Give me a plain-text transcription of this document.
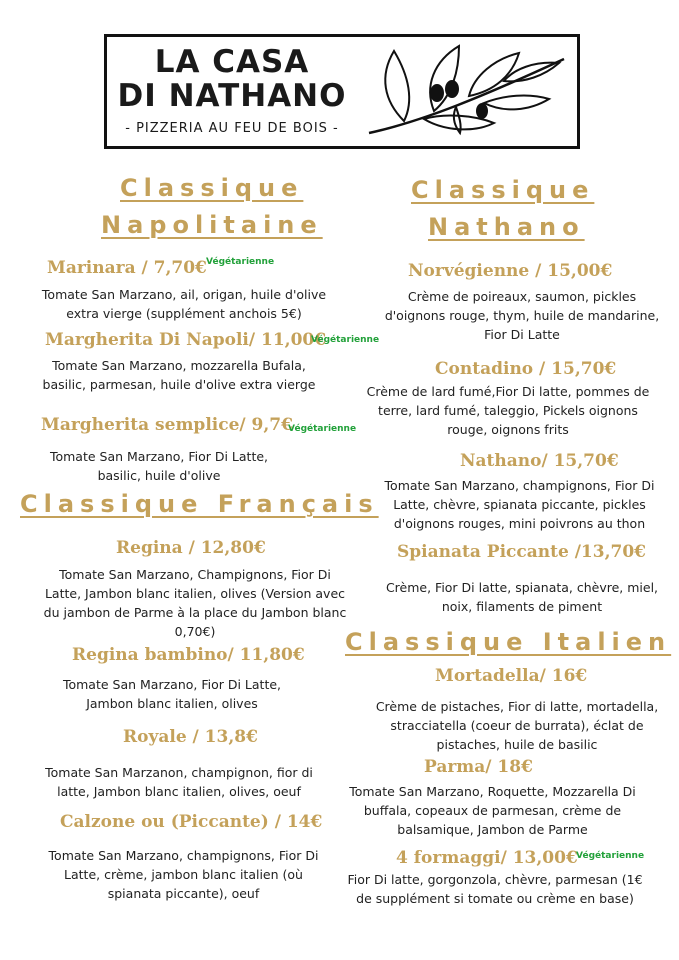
LA CASA
DI NATHANO
- PIZZERIA AU FEU DE BOIS -
Classique
Napolitaine
Marinara / 7,70€ Végétarienne
Tomate San Marzano, ail, origan, huile d'olive extra vierge (supplément anchois 5€)
Margherita Di Napoli/ 11,00€
Végétarienne
Tomate San Marzano, mozzarella Bufala, basilic, parmesan, huile d'olive extra vierge
Margherita semplice/ 9,7€
Végétarienne
Tomate San Marzano, Fior Di Latte, basilic, huile d'olive
Classique Français
Regina / 12,80€
Tomate San Marzano, Champignons, Fior Di Latte, Jambon blanc italien, olives (Version avec du jambon de Parme à la place du Jambon blanc 0,70€)
Regina bambino/ 11,80€
Tomate San Marzano, Fior Di Latte, Jambon blanc italien, olives
Royale / 13,8€
Tomate San Marzanon, champignon, fior di latte, Jambon blanc italien, olives, oeuf
Calzone ou (Piccante) / 14€
Tomate San Marzano, champignons, Fior Di Latte, crème, jambon blanc italien (où spianata piccante), oeuf
Classique
Nathano
Norvégienne / 15,00€
Crème de poireaux, saumon, pickles d'oignons rouge, thym, huile de mandarine, Fior Di Latte
Contadino / 15,70€
Crème de lard fumé,Fior Di latte, pommes de terre, lard fumé, taleggio, Pickels oignons rouge, oignons frits
Nathano/ 15,70€
Tomate San Marzano, champignons, Fior Di Latte, chèvre, spianata piccante, pickles d'oignons rouges, mini poivrons au thon
Spianata Piccante /13,70€
Crème, Fior Di latte, spianata, chèvre, miel, noix, filaments de piment
Classique Italien
Mortadella/ 16€
Crème de pistaches, Fior di latte, mortadella, stracciatella (coeur de burrata), éclat de pistaches, huile de basilic
Parma/ 18€
Tomate San Marzano, Roquette, Mozzarella Di buffala, copeaux de parmesan, crème de balsamique, Jambon de Parme
4 formaggi/ 13,00€
Végétarienne
Fior Di latte, gorgonzola, chèvre, parmesan (1€ de supplément si tomate ou crème en base)
